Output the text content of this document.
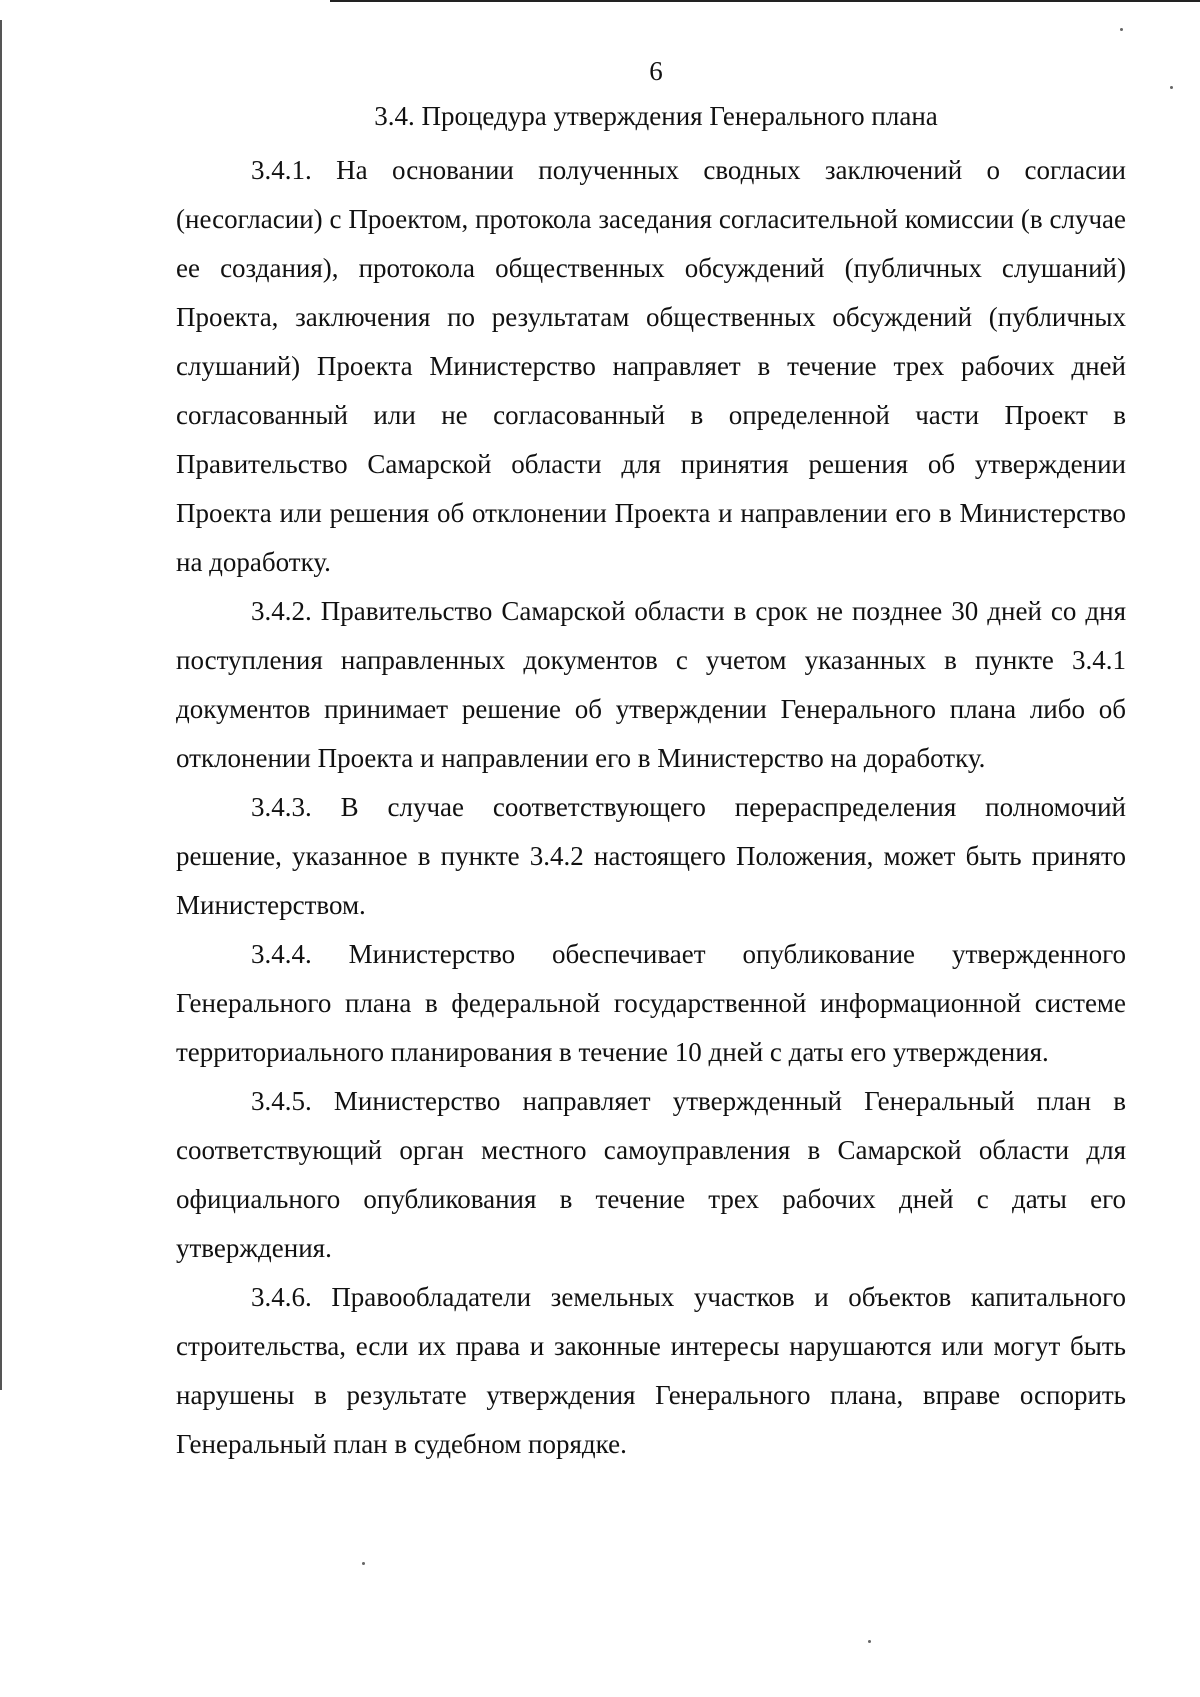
6
3.4. Процедура утверждения Генерального плана

3.4.1. На основании полученных сводных заключений о согласии (несогласии) с Проектом, протокола заседания согласительной комиссии (в случае ее создания), протокола общественных обсуждений (публичных слушаний) Проекта, заключения по результатам общественных обсуждений (публичных слушаний) Проекта Министерство направляет в течение трех рабочих дней согласованный или не согласованный в определенной части Проект в Правительство Самарской области для принятия решения об утверждении Проекта или решения об отклонении Проекта и направлении его в Министерство на доработку.

3.4.2. Правительство Самарской области в срок не позднее 30 дней со дня поступления направленных документов с учетом указанных в пункте 3.4.1 документов принимает решение об утверждении Генерального плана либо об отклонении Проекта и направлении его в Министерство на доработку.

3.4.3. В случае соответствующего перераспределения полномочий решение, указанное в пункте 3.4.2 настоящего Положения, может быть принято Министерством.

3.4.4. Министерство обеспечивает опубликование утвержденного Генерального плана в федеральной государственной информационной системе территориального планирования в течение 10 дней с даты его утверждения.

3.4.5. Министерство направляет утвержденный Генеральный план в соответствующий орган местного самоуправления в Самарской области для официального опубликования в течение трех рабочих дней с даты его утверждения.

3.4.6. Правообладатели земельных участков и объектов капитального строительства, если их права и законные интересы нарушаются или могут быть нарушены в результате утверждения Генерального плана, вправе оспорить Генеральный план в судебном порядке.
